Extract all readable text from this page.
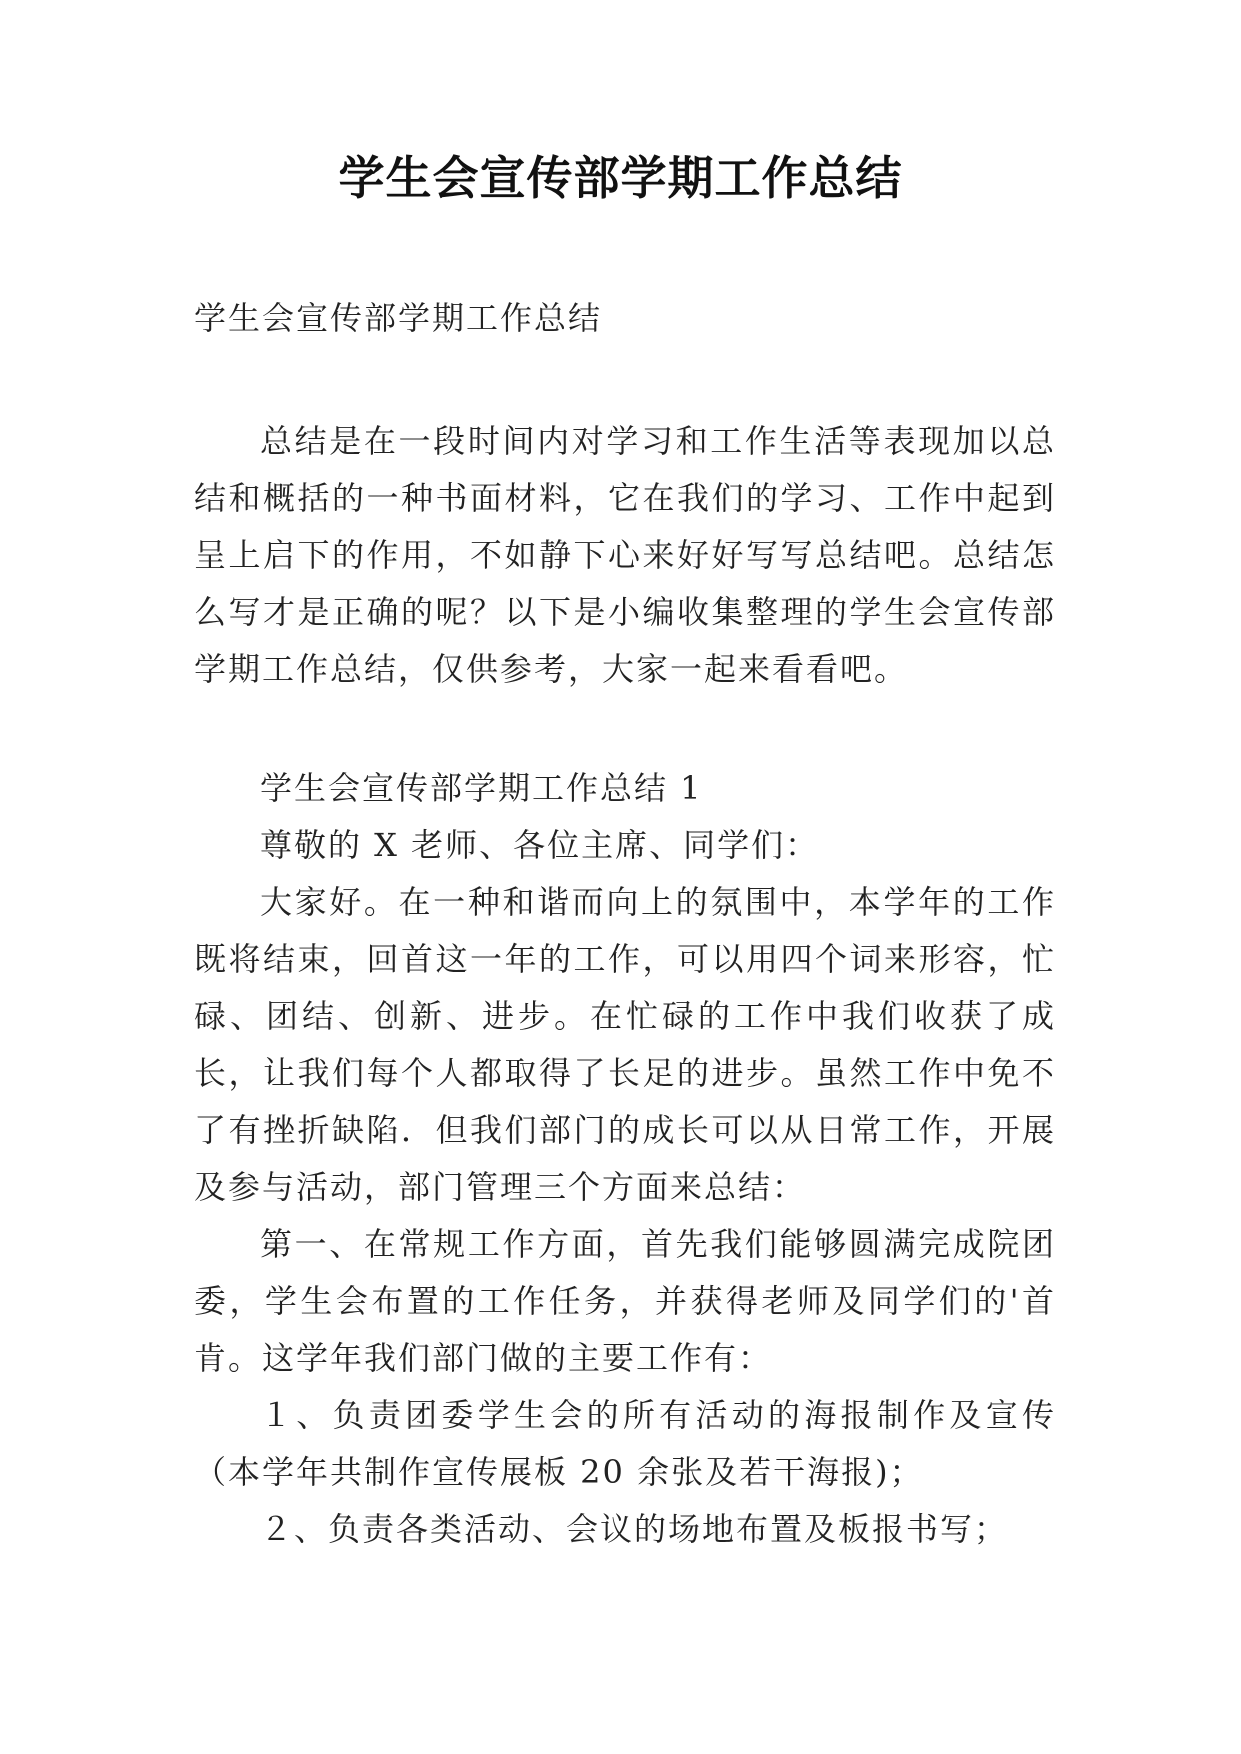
学生会宣传部学期工作总结

学生会宣传部学期工作总结

总结是在一段时间内对学习和工作生活等表现加以总结和概括的一种书面材料，它在我们的学习、工作中起到呈上启下的作用，不如静下心来好好写写总结吧。总结怎么写才是正确的呢？以下是小编收集整理的学生会宣传部学期工作总结，仅供参考，大家一起来看看吧。

学生会宣传部学期工作总结 1

尊敬的 X 老师、各位主席、同学们：

大家好。在一种和谐而向上的氛围中，本学年的工作既将结束，回首这一年的工作，可以用四个词来形容，忙碌、团结、创新、进步。在忙碌的工作中我们收获了成长，让我们每个人都取得了长足的进步。虽然工作中免不了有挫折缺陷．但我们部门的成长可以从日常工作，开展及参与活动，部门管理三个方面来总结：

第一、在常规工作方面，首先我们能够圆满完成院团委，学生会布置的工作任务，并获得老师及同学们的'首肯。这学年我们部门做的主要工作有：

１、负责团委学生会的所有活动的海报制作及宣传（本学年共制作宣传展板 20 余张及若干海报)；

２、负责各类活动、会议的场地布置及板报书写；
